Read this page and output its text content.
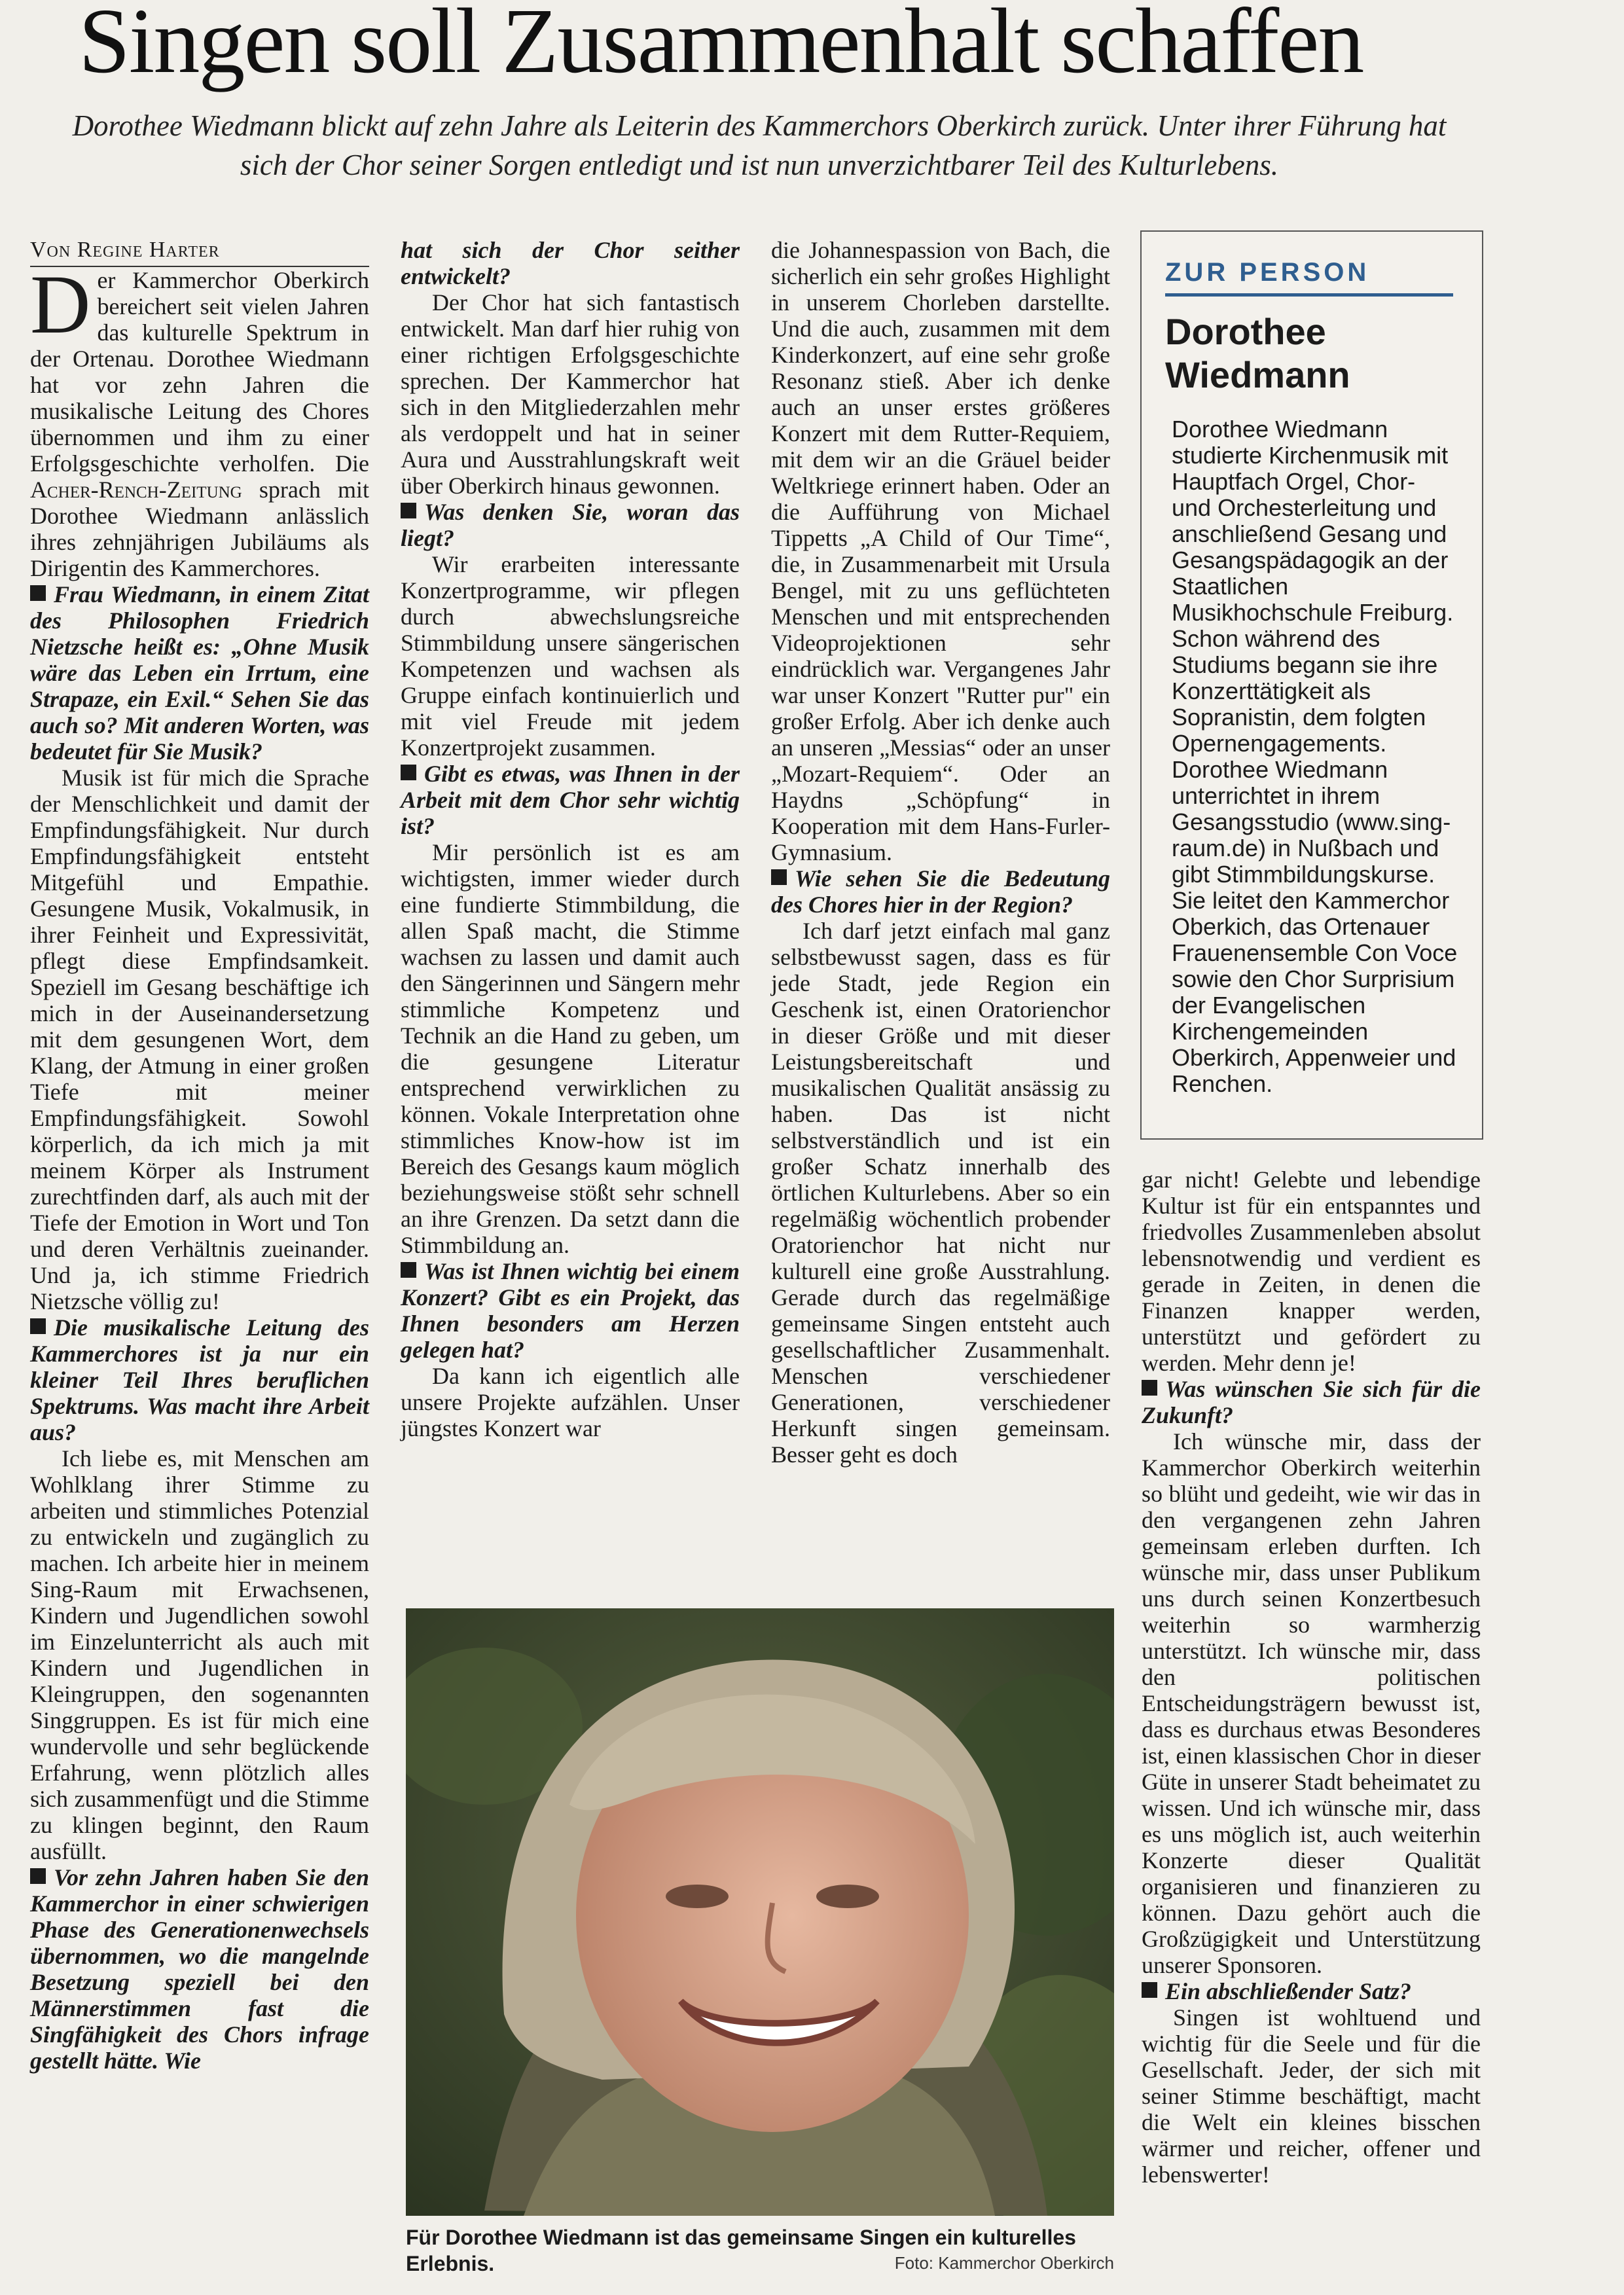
Singen soll Zusammenhalt schaffen
Dorothee Wiedmann blickt auf zehn Jahre als Leiterin des Kammerchors Oberkirch zurück. Unter ihrer Führung hat sich der Chor seiner Sorgen entledigt und ist nun unverzichtbarer Teil des Kulturlebens.

Von Regine Harter

Der Kammerchor Oberkirch bereichert seit vielen Jahren das kulturelle Spektrum in der Ortenau. Dorothee Wiedmann hat vor zehn Jahren die musikalische Leitung des Chores übernommen und ihm zu einer Erfolgsgeschichte verholfen. Die Acher-Rench-Zeitung sprach mit Dorothee Wiedmann anlässlich ihres zehnjährigen Jubiläums als Dirigentin des Kammerchores.

Frau Wiedmann, in einem Zitat des Philosophen Friedrich Nietzsche heißt es: „Ohne Musik wäre das Leben ein Irrtum, eine Strapaze, ein Exil.“ Sehen Sie das auch so? Mit anderen Worten, was bedeutet für Sie Musik?

Musik ist für mich die Sprache der Menschlichkeit und damit der Empfindungsfähigkeit. Nur durch Empfindungsfähigkeit entsteht Mitgefühl und Empathie. Gesungene Musik, Vokalmusik, in ihrer Feinheit und Expressivität, pflegt diese Empfindsamkeit. Speziell im Gesang beschäftige ich mich in der Auseinandersetzung mit dem gesungenen Wort, dem Klang, der Atmung in einer großen Tiefe mit meiner Empfindungsfähigkeit. Sowohl körperlich, da ich mich ja mit meinem Körper als Instrument zurechtfinden darf, als auch mit der Tiefe der Emotion in Wort und Ton und deren Verhältnis zueinander. Und ja, ich stimme Friedrich Nietzsche völlig zu!

Die musikalische Leitung des Kammerchores ist ja nur ein kleiner Teil Ihres beruflichen Spektrums. Was macht ihre Arbeit aus?

Ich liebe es, mit Menschen am Wohlklang ihrer Stimme zu arbeiten und stimmliches Potenzial zu entwickeln und zugänglich zu machen. Ich arbeite hier in meinem Sing-Raum mit Erwachsenen, Kindern und Jugendlichen sowohl im Einzelunterricht als auch mit Kindern und Jugendlichen in Kleingruppen, den sogenannten Singgruppen. Es ist für mich eine wundervolle und sehr beglückende Erfahrung, wenn plötzlich alles sich zusammenfügt und die Stimme zu klingen beginnt, den Raum ausfüllt.

Vor zehn Jahren haben Sie den Kammerchor in einer schwierigen Phase des Generationenwechsels übernommen, wo die mangelnde Besetzung speziell bei den Männerstimmen fast die Singfähigkeit des Chors infrage gestellt hätte. Wie

hat sich der Chor seither entwickelt?

Der Chor hat sich fantastisch entwickelt. Man darf hier ruhig von einer richtigen Erfolgsgeschichte sprechen. Der Kammerchor hat sich in den Mitgliederzahlen mehr als verdoppelt und hat in seiner Aura und Ausstrahlungskraft weit über Oberkirch hinaus gewonnen.

Was denken Sie, woran das liegt?

Wir erarbeiten interessante Konzertprogramme, wir pflegen durch abwechslungsreiche Stimmbildung unsere sängerischen Kompetenzen und wachsen als Gruppe einfach kontinuierlich und mit viel Freude mit jedem Konzertprojekt zusammen.

Gibt es etwas, was Ihnen in der Arbeit mit dem Chor sehr wichtig ist?

Mir persönlich ist es am wichtigsten, immer wieder durch eine fundierte Stimmbildung, die allen Spaß macht, die Stimme wachsen zu lassen und damit auch den Sängerinnen und Sängern mehr stimmliche Kompetenz und Technik an die Hand zu geben, um die gesungene Literatur entsprechend verwirklichen zu können. Vokale Interpretation ohne stimmliches Know-how ist im Bereich des Gesangs kaum möglich beziehungsweise stößt sehr schnell an ihre Grenzen. Da setzt dann die Stimmbildung an.

Was ist Ihnen wichtig bei einem Konzert? Gibt es ein Projekt, das Ihnen besonders am Herzen gelegen hat?

Da kann ich eigentlich alle unsere Projekte aufzählen. Unser jüngstes Konzert war

die Johannespassion von Bach, die sicherlich ein sehr großes Highlight in unserem Chorleben darstellte. Und die auch, zusammen mit dem Kinderkonzert, auf eine sehr große Resonanz stieß. Aber ich denke auch an unser erstes größeres Konzert mit dem Rutter-Requiem, mit dem wir an die Gräuel beider Weltkriege erinnert haben. Oder an die Aufführung von Michael Tippetts „A Child of Our Time“, die, in Zusammenarbeit mit Ursula Bengel, mit zu uns geflüchteten Menschen und mit entsprechenden Videoprojektionen sehr eindrücklich war. Vergangenes Jahr war unser Konzert "Rutter pur" ein großer Erfolg. Aber ich denke auch an unseren „Messias“ oder an unser „Mozart-Requiem“. Oder an Haydns „Schöpfung“ in Kooperation mit dem Hans-Furler-Gymnasium.

Wie sehen Sie die Bedeutung des Chores hier in der Region?

Ich darf jetzt einfach mal ganz selbstbewusst sagen, dass es für jede Stadt, jede Region ein Geschenk ist, einen Oratorienchor in dieser Größe und mit dieser Leistungsbereitschaft und musikalischen Qualität ansässig zu haben. Das ist nicht selbstverständlich und ist ein großer Schatz innerhalb des örtlichen Kulturlebens. Aber so ein regelmäßig wöchentlich probender Oratorienchor hat nicht nur kulturell eine große Ausstrahlung. Gerade durch das regelmäßige gemeinsame Singen entsteht auch gesellschaftlicher Zusammenhalt. Menschen verschiedener Generationen, verschiedener Herkunft singen gemeinsam. Besser geht es doch

gar nicht! Gelebte und lebendige Kultur ist für ein entspanntes und friedvolles Zusammenleben absolut lebensnotwendig und verdient es gerade in Zeiten, in denen die Finanzen knapper werden, unterstützt und gefördert zu werden. Mehr denn je!

Was wünschen Sie sich für die Zukunft?

Ich wünsche mir, dass der Kammerchor Oberkirch weiterhin so blüht und gedeiht, wie wir das in den vergangenen zehn Jahren gemeinsam erleben durften. Ich wünsche mir, dass unser Publikum uns durch seinen Konzertbesuch weiterhin so warmherzig unterstützt. Ich wünsche mir, dass den politischen Entscheidungsträgern bewusst ist, dass es durchaus etwas Besonderes ist, einen klassischen Chor in dieser Güte in unserer Stadt beheimatet zu wissen. Und ich wünsche mir, dass es uns möglich ist, auch weiterhin Konzerte dieser Qualität organisieren und finanzieren zu können. Dazu gehört auch die Großzügigkeit und Unterstützung unserer Sponsoren.

Ein abschließender Satz?

Singen ist wohltuend und wichtig für die Seele und für die Gesellschaft. Jeder, der sich mit seiner Stimme beschäftigt, macht die Welt ein kleines bisschen wärmer und reicher, offener und lebenswerter!

ZUR PERSON
Dorothee Wiedmann
Dorothee Wiedmann studierte Kirchenmusik mit Hauptfach Orgel, Chor- und Orchesterleitung und anschließend Gesang und Gesangspädagogik an der Staatlichen Musikhochschule Freiburg. Schon während des Studiums begann sie ihre Konzerttätigkeit als Sopranistin, dem folgten Opernengagements. Dorothee Wiedmann unterrichtet in ihrem Gesangsstudio (www.sing-raum.de) in Nußbach und gibt Stimmbildungskurse. Sie leitet den Kammerchor Oberkich, das Ortenauer Frauenensemble Con Voce sowie den Chor Surprisium der Evangelischen Kirchengemeinden Oberkirch, Appenweier und Renchen.
Für Dorothee Wiedmann ist das gemeinsame Singen ein kulturelles Erlebnis.	Foto: Kammerchor Oberkirch
